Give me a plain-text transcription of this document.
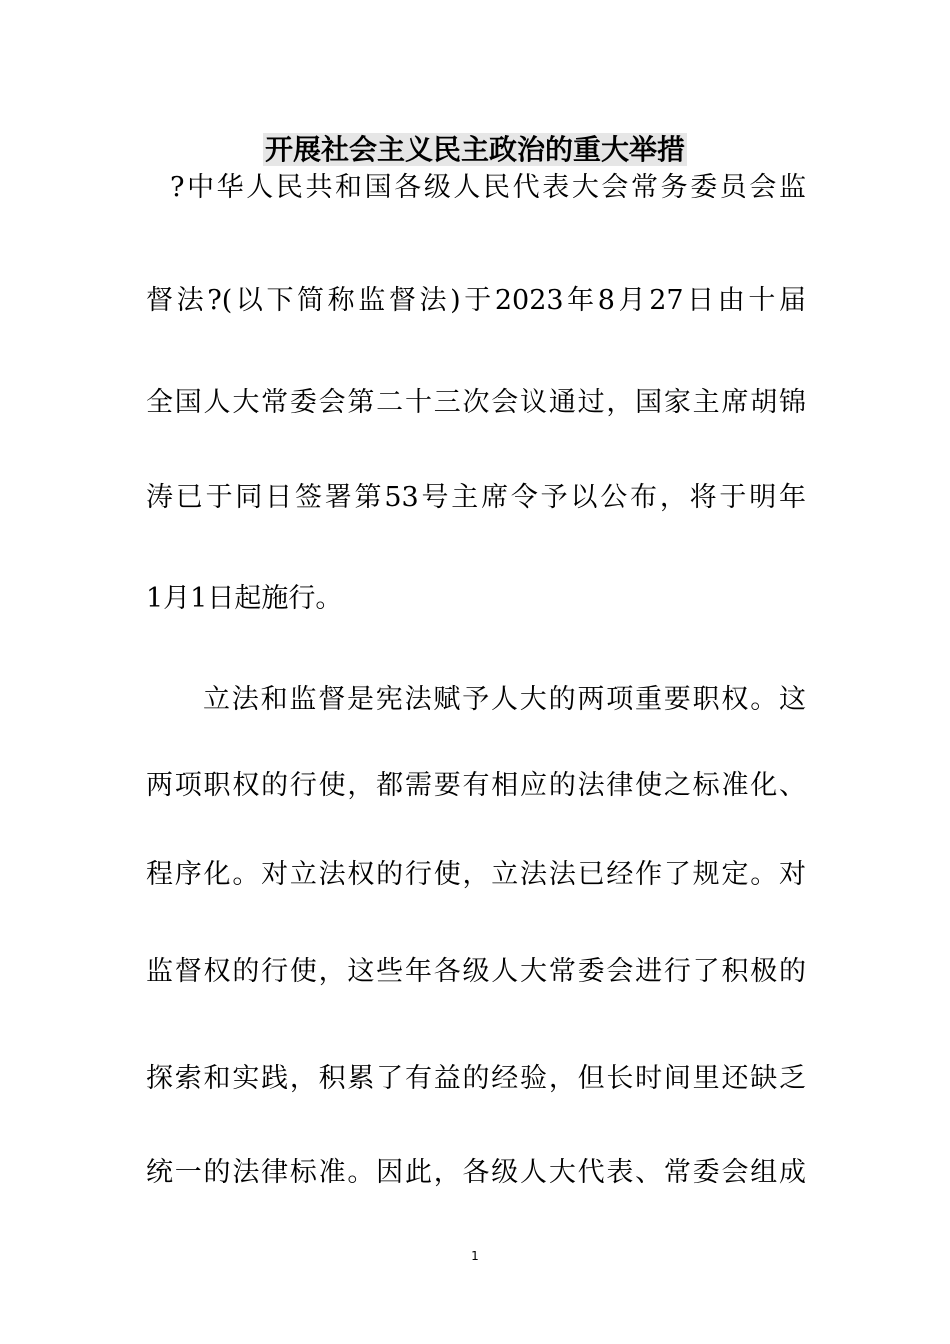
开展社会主义民主政治的重大举措
?中华人民共和国各级人民代表大会常务委员会监
督法?(以下简称监督法)于2023年8月27日由十届
全国人大常委会第二十三次会议通过，国家主席胡锦
涛已于同日签署第53号主席令予以公布，将于明年
1月1日起施行。
立法和监督是宪法赋予人大的两项重要职权。这
两项职权的行使，都需要有相应的法律使之标准化、
程序化。对立法权的行使，立法法已经作了规定。对
监督权的行使，这些年各级人大常委会进行了积极的
探索和实践，积累了有益的经验，但长时间里还缺乏
统一的法律标准。因此，各级人大代表、常委会组成
1
